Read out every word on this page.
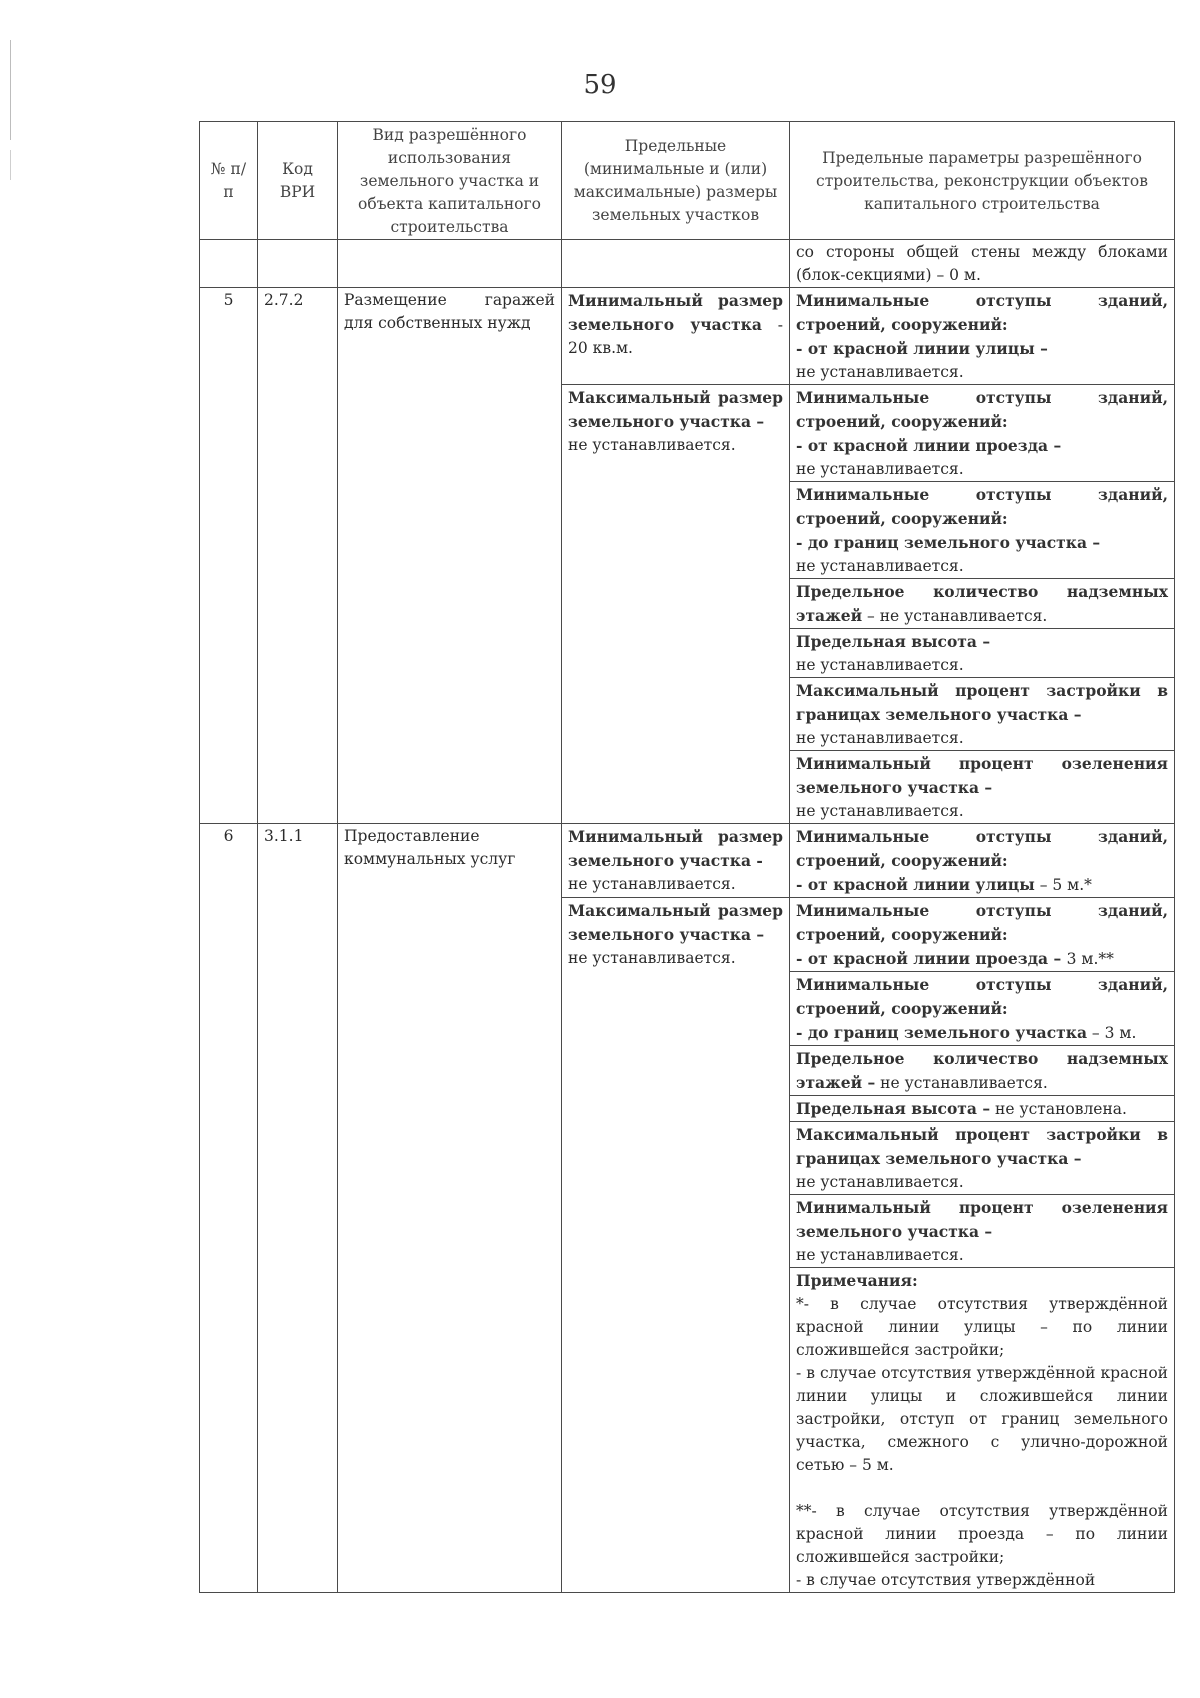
59
№ п/п	Код ВРИ	Вид разрешённого использования земельного участка и объекта капитального строительства	Предельные (минимальные и (или) максимальные) размеры земельных участков	Предельные параметры разрешённого строительства, реконструкции объектов капитального строительства
				со стороны общей стены между блоками (блок-секциями) – 0 м.
5	2.7.2	Размещение гаражей для собственных нужд	Минимальный размер земельного участка - 20 кв.м.	Минимальные отступы зданий, строений, сооружений:
- от красной линии улицы –
не устанавливается.
			Максимальный размер земельного участка –
не устанавливается.	Минимальные отступы зданий, строений, сооружений:
- от красной линии проезда –
не устанавливается.
				Минимальные отступы зданий, строений, сооружений:
- до границ земельного участка –
не устанавливается.
				Предельное количество надземных этажей – не устанавливается.
				Предельная высота –
не устанавливается.
				Максимальный процент застройки в границах земельного участка –
не устанавливается.
				Минимальный процент озеленения земельного участка –
не устанавливается.
6	3.1.1	Предоставление коммунальных услуг	Минимальный размер земельного участка -
не устанавливается.	Минимальные отступы зданий, строений, сооружений:
- от красной линии улицы – 5 м.*
			Максимальный размер земельного участка –
не устанавливается.	Минимальные отступы зданий, строений, сооружений:
- от красной линии проезда – 3 м.**
				Минимальные отступы зданий, строений, сооружений:
- до границ земельного участка – 3 м.
				Предельное количество надземных этажей – не устанавливается.
				Предельная высота – не установлена.
				Максимальный процент застройки в границах земельного участка –
не устанавливается.
				Минимальный процент озеленения земельного участка –
не устанавливается.
				Примечания:
*- в случае отсутствия утверждённой красной линии улицы – по линии сложившейся застройки;
- в случае отсутствия утверждённой красной линии улицы и сложившейся линии застройки, отступ от границ земельного участка, смежного с улично-дорожной сетью – 5 м.
**- в случае отсутствия утверждённой красной линии проезда – по линии сложившейся застройки;
- в случае отсутствия утверждённой
